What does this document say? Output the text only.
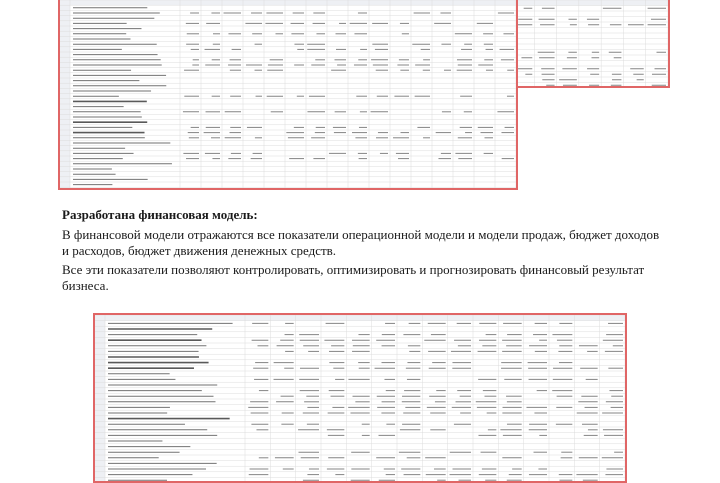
Разработана финансовая модель:

В финансовой модели отражаются все показатели операционной модели и модели продаж, бюджет доходов и расходов, бюджет движения денежных средств.

Все эти показатели позволяют контролировать, оптимизировать и прогнозировать финансовый результат бизнеса.
